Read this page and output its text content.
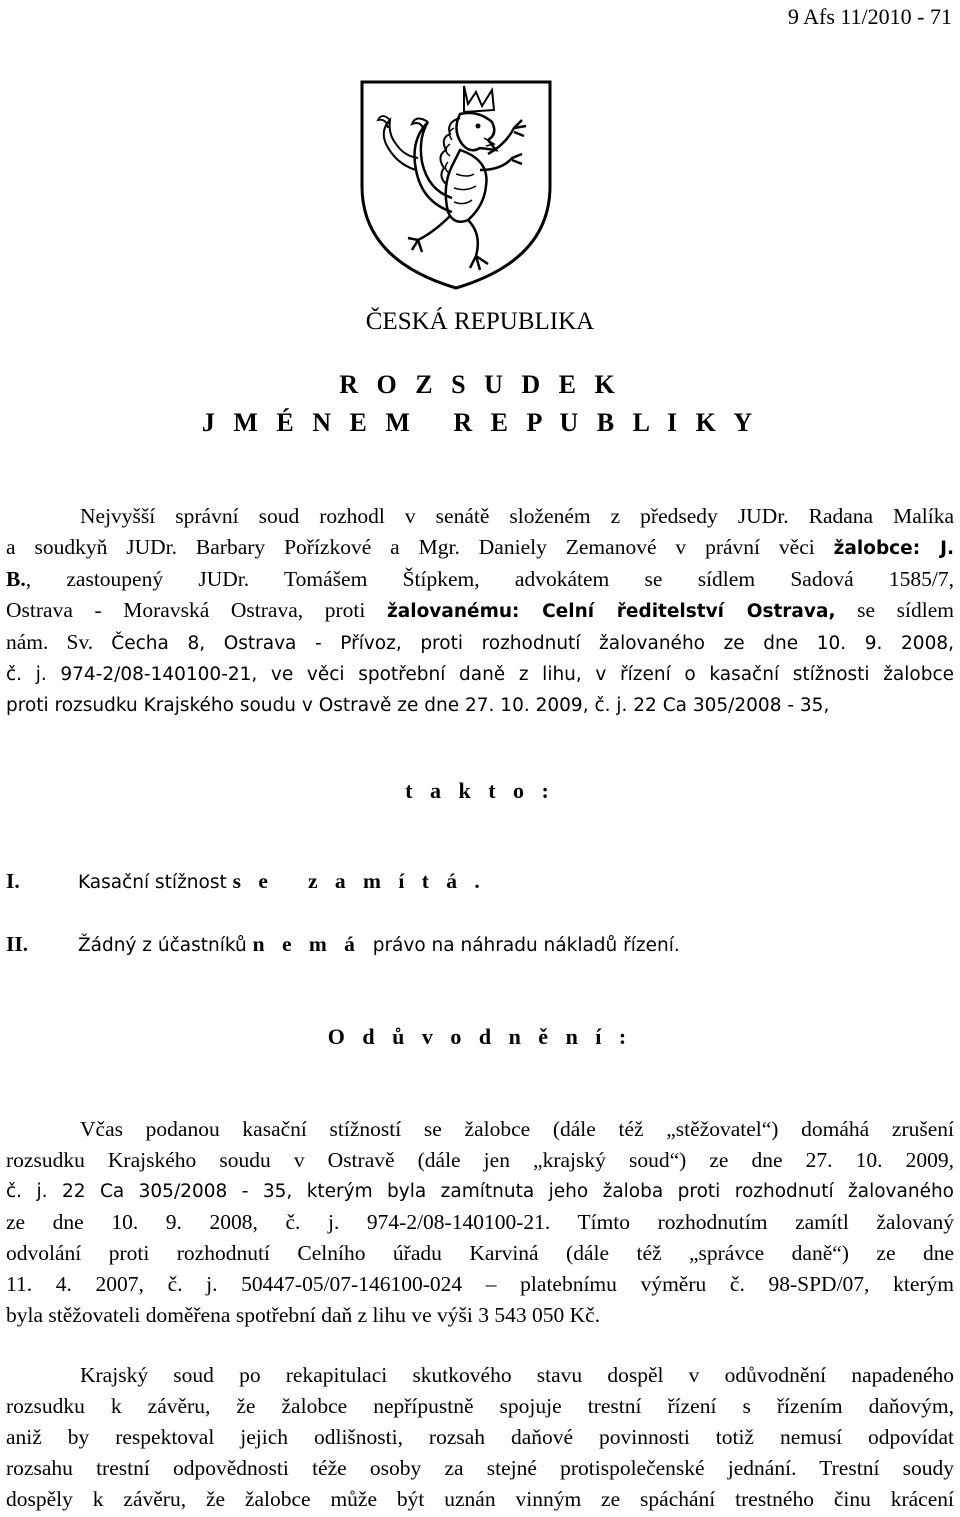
9 Afs 11/2010 - 71
ČESKÁ REPUBLIKA
R O Z S U D E K
J M É N E M   R E P U B L I K Y
Nejvyšší správní soud rozhodl v senátě složeném z předsedy JUDr. Radana Malíka
a soudkyň JUDr. Barbary Pořízkové a Mgr. Daniely Zemanové v právní věci žalobce: J.
B., zastoupený JUDr. Tomášem Štípkem, advokátem se sídlem Sadová 1585/7,
Ostrava - Moravská Ostrava, proti žalovanému: Celní ředitelství Ostrava, se sídlem
nám. Sv. Čecha 8, Ostrava - Přívoz, proti rozhodnutí žalovaného ze dne 10. 9. 2008,
č. j. 974-2/08-140100-21, ve věci spotřební daně z lihu, v řízení o kasační stížnosti žalobce
proti rozsudku Krajského soudu v Ostravě ze dne 27. 10. 2009, č. j. 22 Ca 305/2008 - 35,
t a k t o :
I.	Kasační stížnost s e   z a m í t á .
II.	Žádný z účastníků n e m á  právo na náhradu nákladů řízení.
O d ů v o d n ě n í :
Včas podanou kasační stížností se žalobce (dále též „stěžovatel“) domáhá zrušení
rozsudku Krajského soudu v Ostravě (dále jen „krajský soud“) ze dne 27. 10. 2009,
č. j. 22 Ca 305/2008 - 35, kterým byla zamítnuta jeho žaloba proti rozhodnutí žalovaného
ze dne 10. 9. 2008, č. j. 974-2/08-140100-21. Tímto rozhodnutím zamítl žalovaný
odvolání proti rozhodnutí Celního úřadu Karviná (dále též „správce daně“) ze dne
11. 4. 2007, č. j. 50447-05/07-146100-024 – platebnímu výměru č. 98-SPD/07, kterým
byla stěžovateli doměřena spotřební daň z lihu ve výši 3 543 050 Kč.
Krajský soud po rekapitulaci skutkového stavu dospěl v odůvodnění napadeného
rozsudku k závěru, že žalobce nepřípustně spojuje trestní řízení s řízením daňovým,
aniž by respektoval jejich odlišnosti, rozsah daňové povinnosti totiž nemusí odpovídat
rozsahu trestní odpovědnosti téže osoby za stejné protispolečenské jednání. Trestní soudy
dospěly k závěru, že žalobce může být uznán vinným ze spáchání trestného činu krácení
